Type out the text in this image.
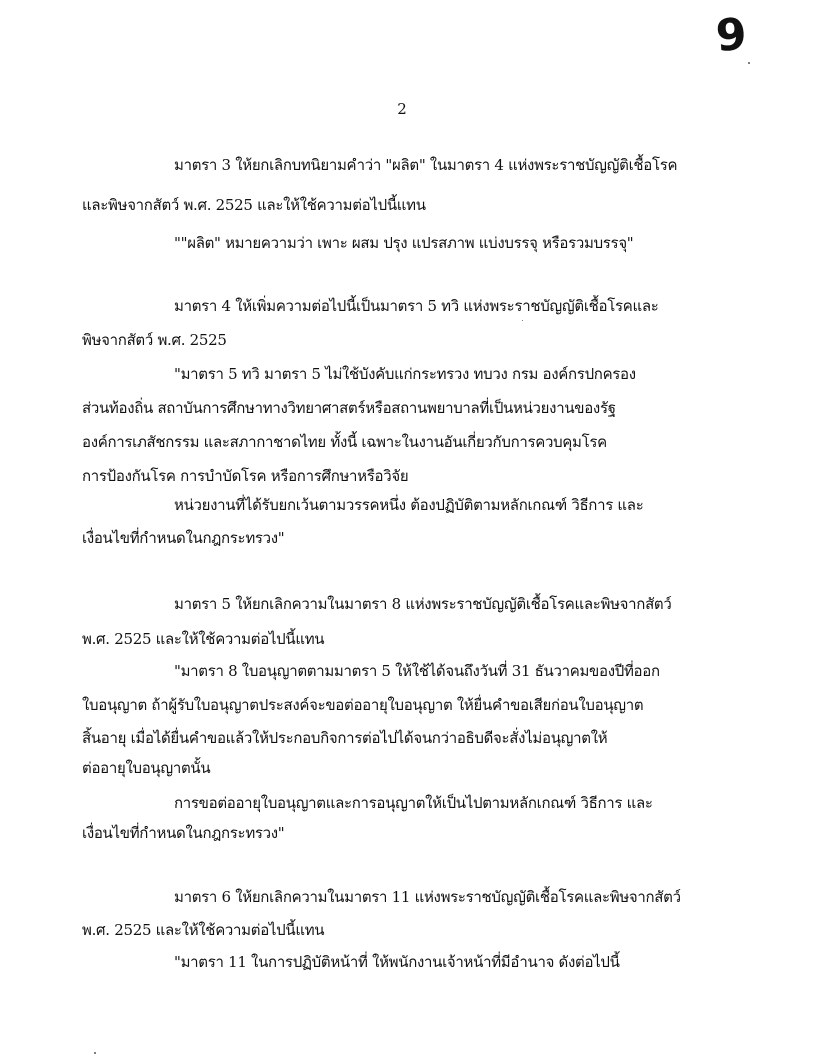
9
2
มาตรา 3 ให้ยกเลิกบทนิยามคำว่า "ผลิต" ในมาตรา 4 แห่งพระราชบัญญัติเชื้อโรค
และพิษจากสัตว์ พ.ศ. 2525 และให้ใช้ความต่อไปนี้แทน
""ผลิต" หมายความว่า เพาะ ผสม ปรุง แปรสภาพ แบ่งบรรจุ หรือรวมบรรจุ"
มาตรา 4 ให้เพิ่มความต่อไปนี้เป็นมาตรา 5 ทวิ แห่งพระราชบัญญัติเชื้อโรคและ
พิษจากสัตว์ พ.ศ. 2525
"มาตรา 5 ทวิ มาตรา 5 ไม่ใช้บังคับแก่กระทรวง ทบวง กรม องค์กรปกครอง
ส่วนท้องถิ่น สถาบันการศึกษาทางวิทยาศาสตร์หรือสถานพยาบาลที่เป็นหน่วยงานของรัฐ
องค์การเภสัชกรรม และสภากาชาดไทย ทั้งนี้ เฉพาะในงานอันเกี่ยวกับการควบคุมโรค
การป้องกันโรค การบำบัดโรค หรือการศึกษาหรือวิจัย
หน่วยงานที่ได้รับยกเว้นตามวรรคหนึ่ง ต้องปฏิบัติตามหลักเกณฑ์ วิธีการ และ
เงื่อนไขที่กำหนดในกฎกระทรวง"
มาตรา 5 ให้ยกเลิกความในมาตรา 8 แห่งพระราชบัญญัติเชื้อโรคและพิษจากสัตว์
พ.ศ. 2525 และให้ใช้ความต่อไปนี้แทน
"มาตรา 8 ใบอนุญาตตามมาตรา 5 ให้ใช้ได้จนถึงวันที่ 31 ธันวาคมของปีที่ออก
ใบอนุญาต ถ้าผู้รับใบอนุญาตประสงค์จะขอต่ออายุใบอนุญาต ให้ยื่นคำขอเสียก่อนใบอนุญาต
สิ้นอายุ เมื่อได้ยื่นคำขอแล้วให้ประกอบกิจการต่อไปได้จนกว่าอธิบดีจะสั่งไม่อนุญาตให้
ต่ออายุใบอนุญาตนั้น
การขอต่ออายุใบอนุญาตและการอนุญาตให้เป็นไปตามหลักเกณฑ์ วิธีการ และ
เงื่อนไขที่กำหนดในกฎกระทรวง"
มาตรา 6 ให้ยกเลิกความในมาตรา 11 แห่งพระราชบัญญัติเชื้อโรคและพิษจากสัตว์
พ.ศ. 2525 และให้ใช้ความต่อไปนี้แทน
"มาตรา 11 ในการปฏิบัติหน้าที่ ให้พนักงานเจ้าหน้าที่มีอำนาจ ดังต่อไปนี้
